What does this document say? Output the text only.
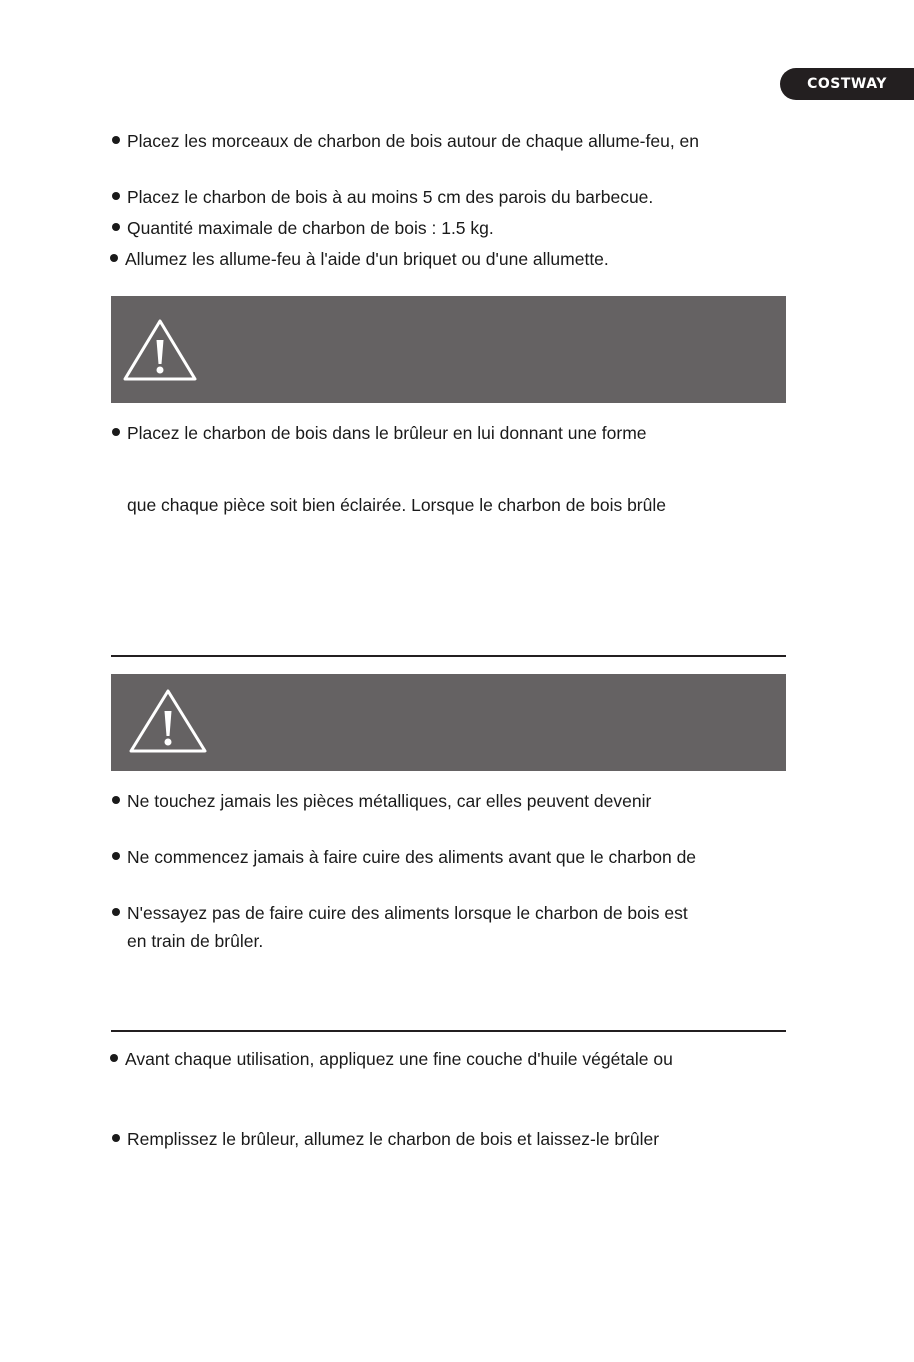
COSTWAY
Placez les morceaux de charbon de bois autour de chaque allume-feu, en
Placez le charbon de bois à au moins 5 cm des parois du barbecue.
Quantité maximale de charbon de bois : 1.5 kg.
Allumez les allume-feu à l'aide d'un briquet ou d'une allumette.
Placez le charbon de bois dans le brûleur en lui donnant une forme
que chaque pièce soit bien éclairée. Lorsque le charbon de bois brûle
Ne touchez jamais les pièces métalliques, car elles peuvent devenir
Ne commencez jamais à faire cuire des aliments avant que le charbon de
N'essayez pas de faire cuire des aliments lorsque le charbon de bois est
en train de brûler.
Avant chaque utilisation, appliquez une fine couche d'huile végétale ou
Remplissez le brûleur, allumez le charbon de bois et laissez-le brûler
